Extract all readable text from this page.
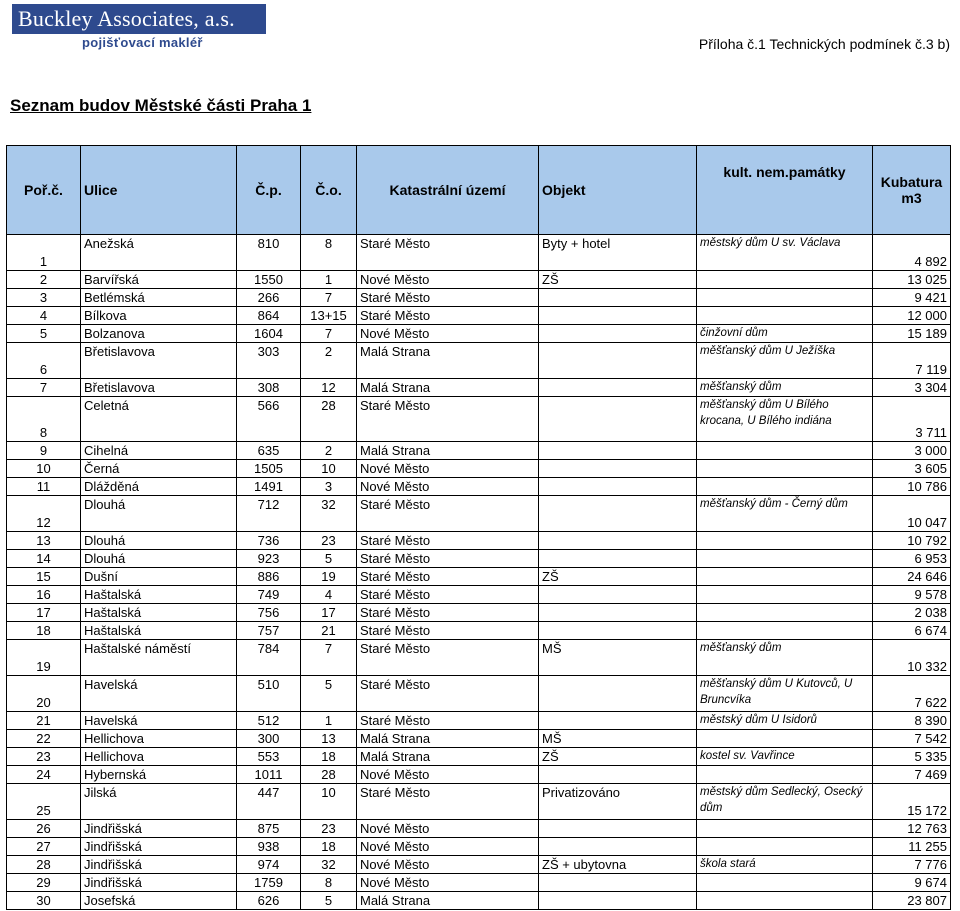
Buckley Associates, a.s.
pojišťovací makléř	Příloha č.1 Technických podmínek č.3 b)
Seznam budov Městské části Praha 1
Poř.č.	Ulice	Č.p.	Č.o.	Katastrální území	Objekt	kult. nem.památky	Kubatura m3
1	Anežská	810	8	Staré Město	Byty + hotel	městský dům U sv. Václava	4 892
2	Barvířská	1550	1	Nové Město	ZŠ		13 025
3	Betlémská	266	7	Staré Město			9 421
4	Bílkova	864	13+15	Staré Město			12 000
5	Bolzanova	1604	7	Nové Město		činžovní dům	15 189
6	Břetislavova	303	2	Malá Strana		měšťanský dům U Ježíška	7 119
7	Břetislavova	308	12	Malá Strana		měšťanský dům	3 304
8	Celetná	566	28	Staré Město		měšťanský dům U Bílého krocana, U Bílého indiána	3 711
9	Cihelná	635	2	Malá Strana			3 000
10	Černá	1505	10	Nové Město			3 605
11	Dlážděná	1491	3	Nové Město			10 786
12	Dlouhá	712	32	Staré Město		měšťanský dům - Černý dům	10 047
13	Dlouhá	736	23	Staré Město			10 792
14	Dlouhá	923	5	Staré Město			6 953
15	Dušní	886	19	Staré Město	ZŠ		24 646
16	Haštalská	749	4	Staré Město			9 578
17	Haštalská	756	17	Staré Město			2 038
18	Haštalská	757	21	Staré Město			6 674
19	Haštalské náměstí	784	7	Staré Město	MŠ	měšťanský dům	10 332
20	Havelská	510	5	Staré Město		měšťanský dům U Kutovců, U Bruncvíka	7 622
21	Havelská	512	1	Staré Město		městský dům U Isidorů	8 390
22	Hellichova	300	13	Malá Strana	MŠ		7 542
23	Hellichova	553	18	Malá Strana	ZŠ	kostel sv. Vavřince	5 335
24	Hybernská	1011	28	Nové Město			7 469
25	Jilská	447	10	Staré Město	Privatizováno	městský dům Sedlecký, Osecký dům	15 172
26	Jindřišská	875	23	Nové Město			12 763
27	Jindřišská	938	18	Nové Město			11 255
28	Jindřišská	974	32	Nové Město	ZŠ + ubytovna	škola stará	7 776
29	Jindřišská	1759	8	Nové Město			9 674
30	Josefská	626	5	Malá Strana			23 807
